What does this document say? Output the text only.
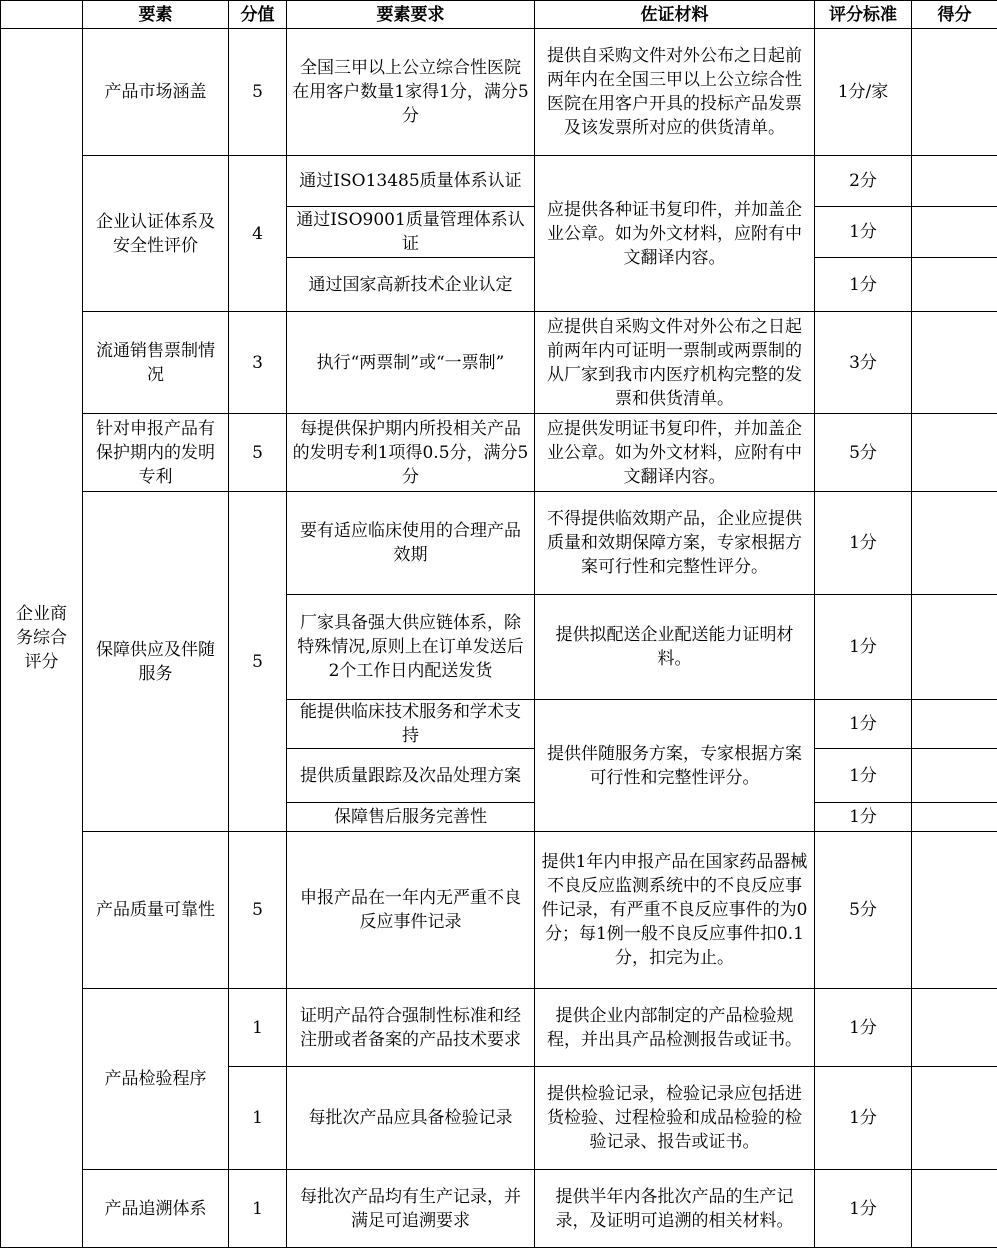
	要素	分值	要素要求	佐证材料	评分标准	得分
企业商务综合评分	产品市场涵盖	5	全国三甲以上公立综合性医院在用客户数量1家得1分，满分5分	提供自采购文件对外公布之日起前两年内在全国三甲以上公立综合性医院在用客户开具的投标产品发票及该发票所对应的供货清单。	1分/家	
	企业认证体系及安全性评价	4	通过ISO13485质量体系认证	应提供各种证书复印件，并加盖企业公章。如为外文材料，应附有中文翻译内容。	2分	
			通过ISO9001质量管理体系认证		1分	
			通过国家高新技术企业认定		1分	
	流通销售票制情况	3	执行“两票制”或“一票制”	应提供自采购文件对外公布之日起前两年内可证明一票制或两票制的从厂家到我市内医疗机构完整的发票和供货清单。	3分	
	针对申报产品有保护期内的发明专利	5	每提供保护期内所投相关产品的发明专利1项得0.5分，满分5分	应提供发明证书复印件，并加盖企业公章。如为外文材料，应附有中文翻译内容。	5分	
	保障供应及伴随服务	5	要有适应临床使用的合理产品效期	不得提供临效期产品，企业应提供质量和效期保障方案，专家根据方案可行性和完整性评分。	1分	
			厂家具备强大供应链体系，除特殊情况,原则上在订单发送后2个工作日内配送发货	提供拟配送企业配送能力证明材料。	1分	
			能提供临床技术服务和学术支持	提供伴随服务方案，专家根据方案可行性和完整性评分。	1分	
			提供质量跟踪及次品处理方案		1分	
			保障售后服务完善性		1分	
	产品质量可靠性	5	申报产品在一年内无严重不良反应事件记录	提供1年内申报产品在国家药品器械不良反应监测系统中的不良反应事件记录，有严重不良反应事件的为0分；每1例一般不良反应事件扣0.1分，扣完为止。	5分	
	产品检验程序	1	证明产品符合强制性标准和经注册或者备案的产品技术要求	提供企业内部制定的产品检验规程，并出具产品检测报告或证书。	1分	
		1	每批次产品应具备检验记录	提供检验记录，检验记录应包括进货检验、过程检验和成品检验的检验记录、报告或证书。	1分	
	产品追溯体系	1	每批次产品均有生产记录，并满足可追溯要求	提供半年内各批次产品的生产记录，及证明可追溯的相关材料。	1分	
